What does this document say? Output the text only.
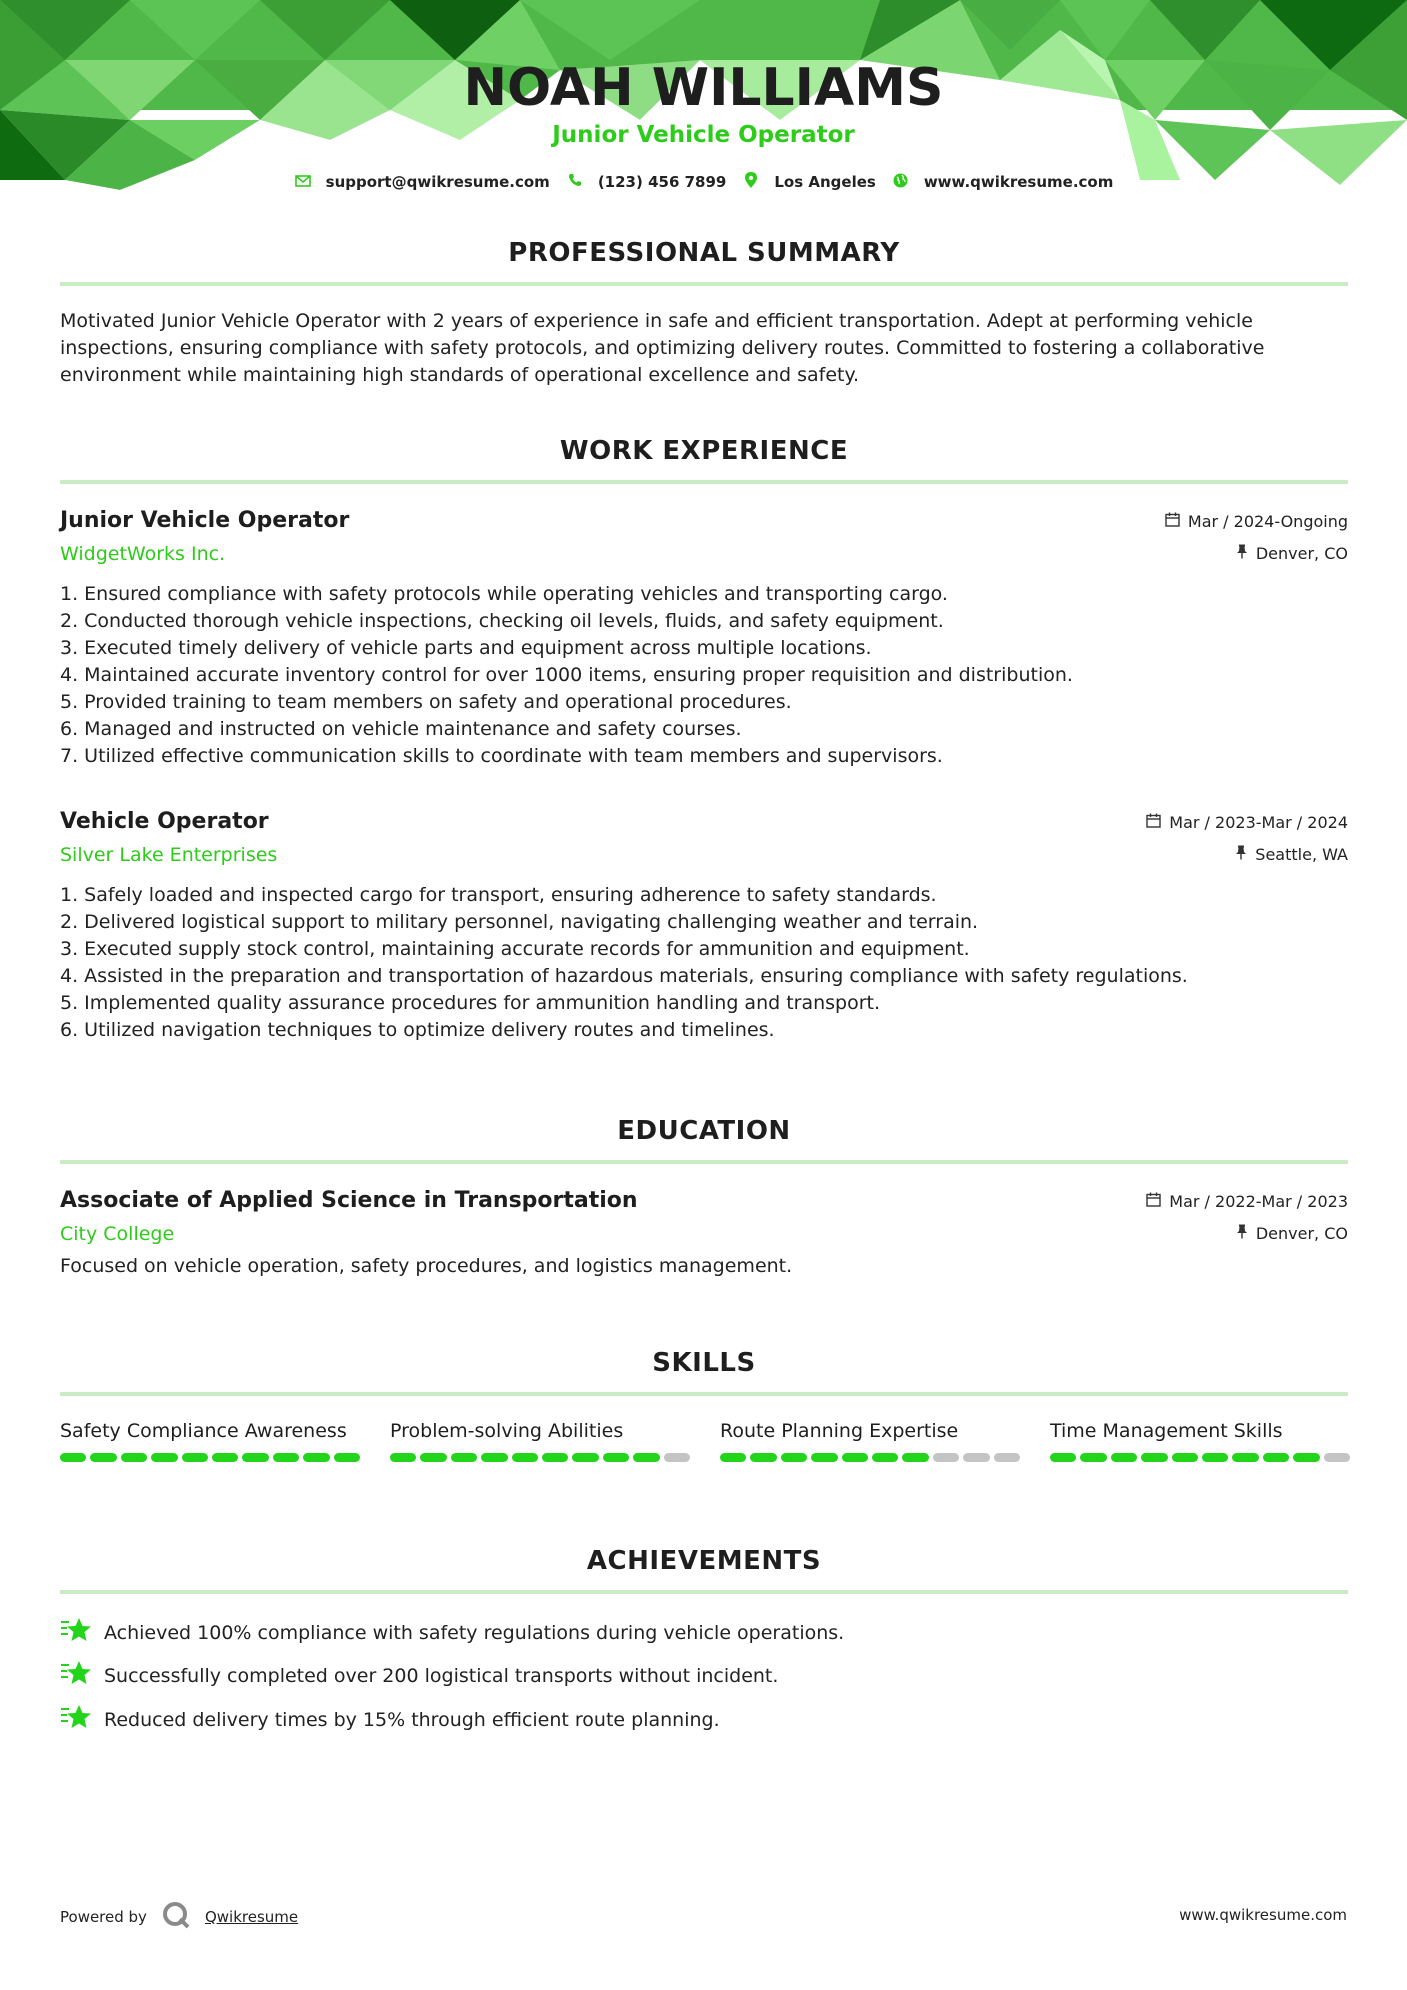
NOAH WILLIAMS
Junior Vehicle Operator
support@qwikresume.com	(123) 456 7899	Los Angeles	www.qwikresume.com
PROFESSIONAL SUMMARY
Motivated Junior Vehicle Operator with 2 years of experience in safe and efficient transportation. Adept at performing vehicle
inspections, ensuring compliance with safety protocols, and optimizing delivery routes. Committed to fostering a collaborative
environment while maintaining high standards of operational excellence and safety.
WORK EXPERIENCE
Junior Vehicle Operator
WidgetWorks Inc.
Mar / 2024-Ongoing
Denver, CO
1. Ensured compliance with safety protocols while operating vehicles and transporting cargo.
2. Conducted thorough vehicle inspections, checking oil levels, fluids, and safety equipment.
3. Executed timely delivery of vehicle parts and equipment across multiple locations.
4. Maintained accurate inventory control for over 1000 items, ensuring proper requisition and distribution.
5. Provided training to team members on safety and operational procedures.
6. Managed and instructed on vehicle maintenance and safety courses.
7. Utilized effective communication skills to coordinate with team members and supervisors.
Vehicle Operator
Silver Lake Enterprises
Mar / 2023-Mar / 2024
Seattle, WA
1. Safely loaded and inspected cargo for transport, ensuring adherence to safety standards.
2. Delivered logistical support to military personnel, navigating challenging weather and terrain.
3. Executed supply stock control, maintaining accurate records for ammunition and equipment.
4. Assisted in the preparation and transportation of hazardous materials, ensuring compliance with safety regulations.
5. Implemented quality assurance procedures for ammunition handling and transport.
6. Utilized navigation techniques to optimize delivery routes and timelines.
EDUCATION
Associate of Applied Science in Transportation
City College
Mar / 2022-Mar / 2023
Denver, CO
Focused on vehicle operation, safety procedures, and logistics management.
SKILLS
Safety Compliance Awareness	Problem-solving Abilities	Route Planning Expertise	Time Management Skills
ACHIEVEMENTS
Achieved 100% compliance with safety regulations during vehicle operations.
Successfully completed over 200 logistical transports without incident.
Reduced delivery times by 15% through efficient route planning.
Powered by	Qwikresume	www.qwikresume.com
